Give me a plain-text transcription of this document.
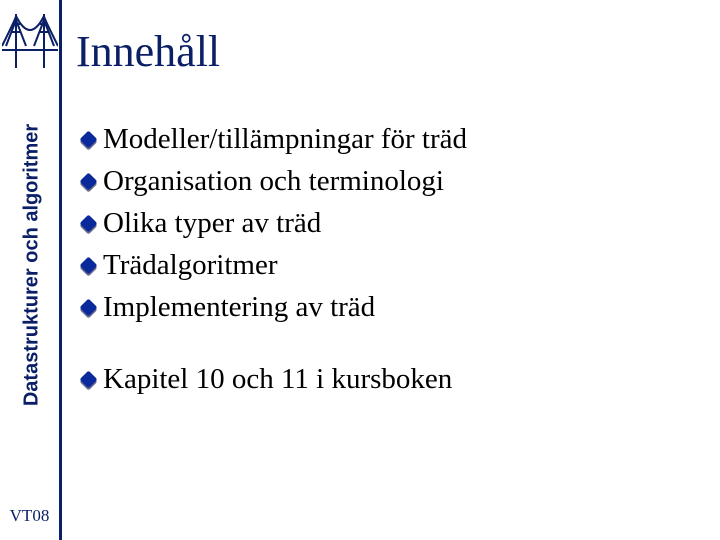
Datastrukturer och algoritmer
VT08
Innehåll
Modeller/tillämpningar för träd
Organisation och terminologi
Olika typer av träd
Trädalgoritmer
Implementering av träd
Kapitel 10 och 11 i kursboken
